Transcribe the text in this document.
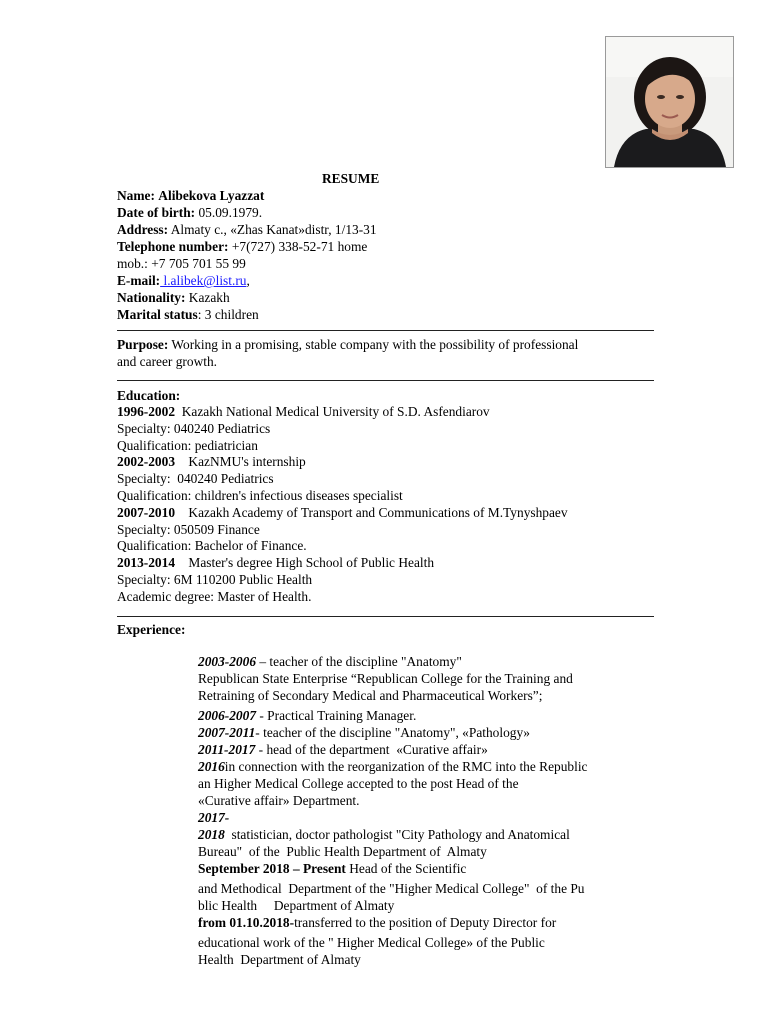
RESUME
Name: Alibekova Lyazzat
Date of birth: 05.09.1979.
Address: Almaty c., «Zhas Kanat»distr, 1/13-31
Telephone number: +7(727) 338-52-71 home
mob.: +7 705 701 55 99
E-mail: l.alibek@list.ru,
Nationality: Kazakh
Marital status: 3 children
Purpose: Working in a promising, stable company with the possibility of professional
and career growth.
Education:
1996-2002  Kazakh National Medical University of S.D. Asfendiarov
Specialty: 040240 Pediatrics
Qualification: pediatrician
2002-2003    KazNMU's internship
Specialty:  040240 Pediatrics
Qualification: children's infectious diseases specialist
2007-2010    Kazakh Academy of Transport and Communications of M.Tynyshpaev
Specialty: 050509 Finance
Qualification: Bachelor of Finance.
2013-2014    Master's degree High School of Public Health
Specialty: 6M 110200 Public Health
Academic degree: Master of Health.
Experience:
2003-2006 – teacher of the discipline "Anatomy"
Republican State Enterprise “Republican College for the Training and
Retraining of Secondary Medical and Pharmaceutical Workers”;
2006-2007 - Practical Training Manager.
2007-2011- teacher of the discipline "Anatomy", «Pathology»
2011-2017 - head of the department  «Curative affair»
2016in connection with the reorganization of the RMC into the Republic
an Higher Medical College accepted to the post Head of the
«Curative affair» Department.
2017-
2018  statistician, doctor pathologist "City Pathology and Anatomical
Bureau"  of the  Public Health Department of  Almaty
September 2018 – Present Head of the Scientific
and Methodical  Department of the "Higher Medical College"  of the Pu
blic Health     Department of Almaty
from 01.10.2018-transferred to the position of Deputy Director for
educational work of the " Higher Medical College» of the Public
Health  Department of Almaty
